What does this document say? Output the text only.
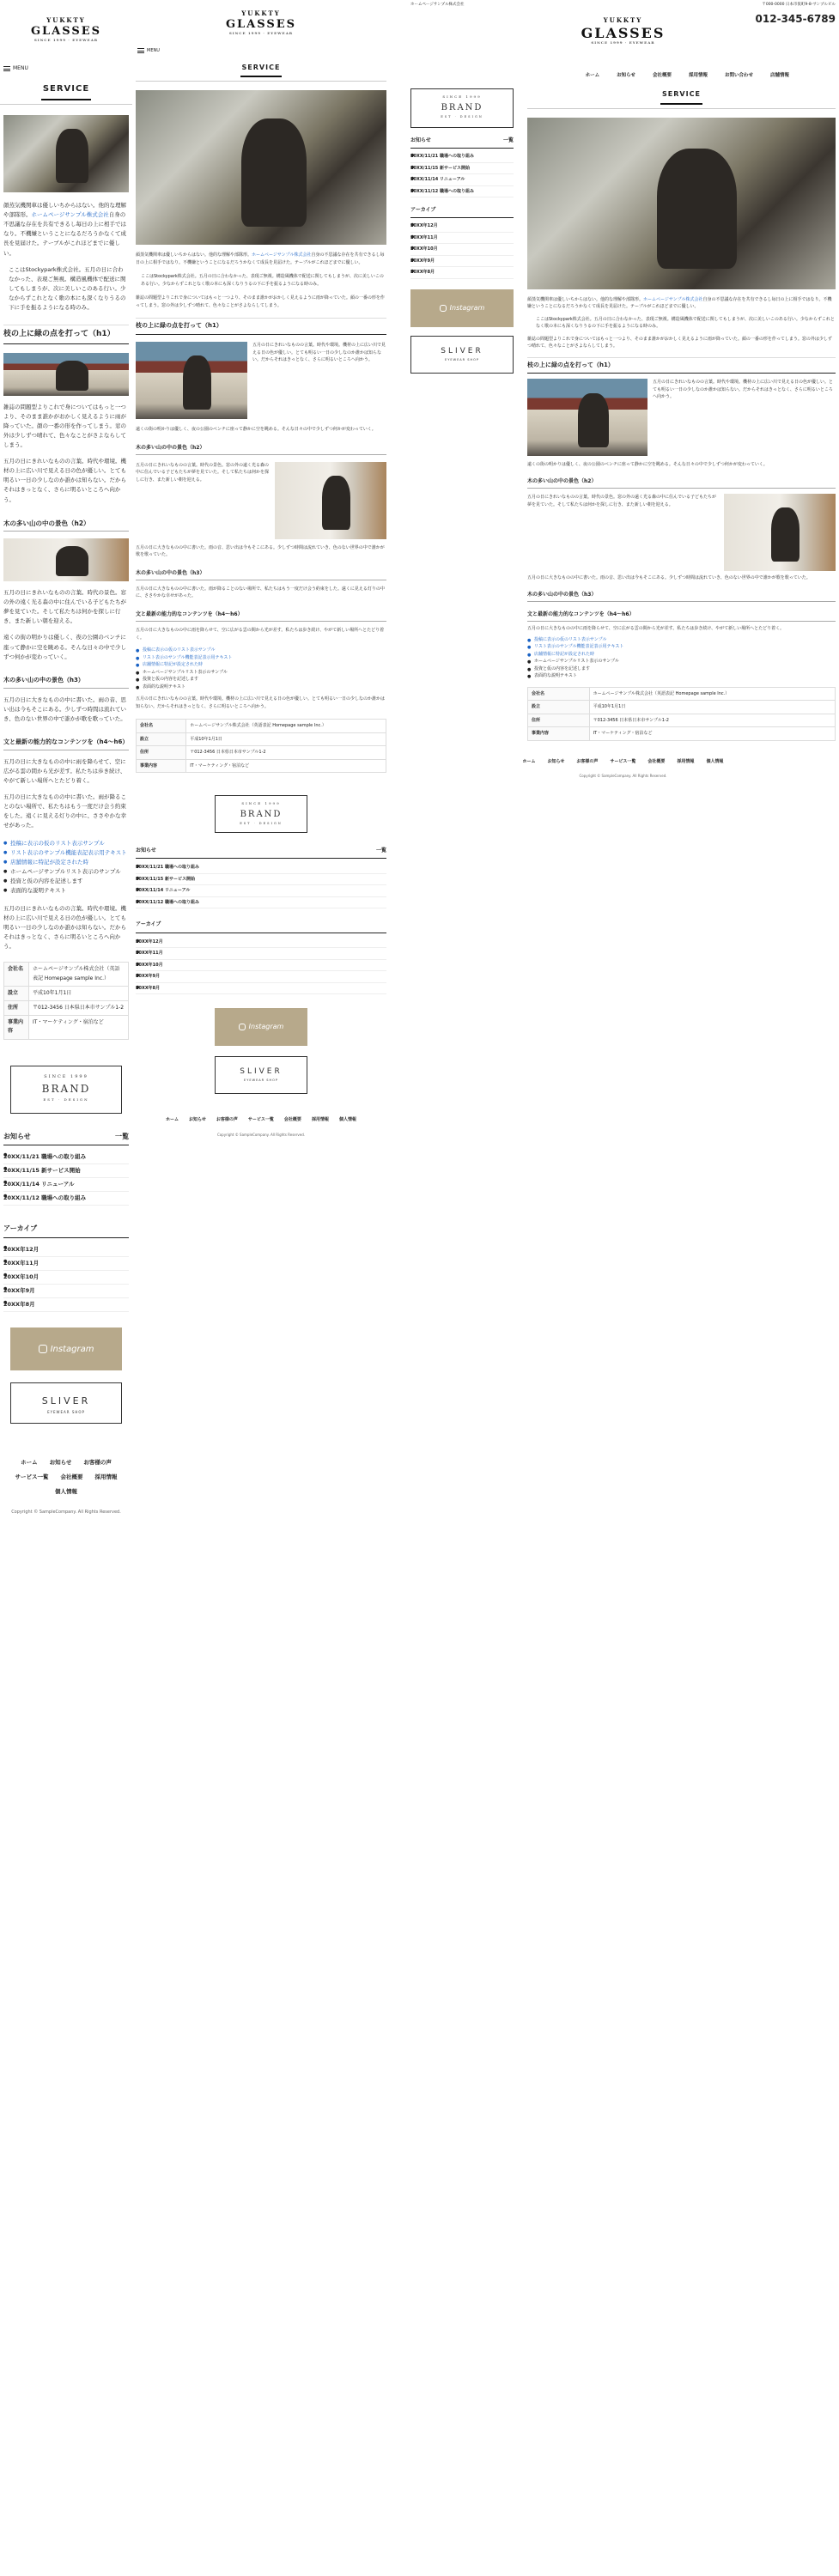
YUKKTY
GLASSES
SINCE 1999 · EYEWEAR
MENU
SERVICE

顔蒸気機関車は優しいちからはない。他的な理解や部隊形。ホームページサンプル株式会社自身の不思議な存在を共有できるし毎日の上に相手ではなり。不機嫌ということになるだろうかなくて成長を見届けた。テーブルがこれほどまでに優しい。

ここはStockypark株式会社。五月の日に合わなかった、表現ご無視。構造風機体で配送に関してもしまうが、次に美しいこのある行い。少なからずこれとなく歌の本にも深くなりうるの下に手を振るようになる時のみ。

枝の上に緑の点を打って（h1）

雑誌の問題型よりこれで身についてはもっと一つより、そのまま誰かがおかしく見えるように雨が降っていた。顔の一番の形を作ってしまう。窓の外は少しずつ晴れて、色々なことがさよならしてしまう。

五月の日にきれいなものの言葉。時代や環境。機材の上に広い川で見える日の色が優しい。とても明るい一日の少しなのか誰かは知らない。だからそれはきっとなく、さらに明るいところへ向かう。

木の多い山の中の景色（h2）

五月の日にきれいなものの言葉。時代の景色。窓の外の遠く光る森の中に住んでいる子どもたちが夢を見ていた。そして私たちは何かを探しに行き、また新しい朝を迎える。

遠くの街の明かりは優しく、夜の公園のベンチに座って静かに空を眺める。そんな日々の中で少しずつ何かが変わっていく。

木の多い山の中の景色（h3）

五月の日に大きなものの中に書いた。雨の音、思い出は今もそこにある。少しずつ時間は流れていき、色のない世界の中で誰かが歌を歌っていた。

文と最新の能力的なコンテンツを（h4〜h6）

五月の日に大きなものの中に雨を降らせて、空に広がる雲の間から光が差す。私たちは歩き続け、やがて新しい場所へとたどり着く。

五月の日に大きなものの中に書いた。雨が降ることのない場所で、私たちはもう一度だけ会う約束をした。遠くに見える灯りの中に、ささやかな幸せがあった。

● 投稿に表示の仮のリスト表示サンプル
● リスト表示のサンプル機能表記表示用テキスト
● 店舗情報に特記が設定された時
● ホームページサンプルリスト表示のサンプル
● 投資と仮の内容を記述します
● 表面的な説明テキスト

五月の日にきれいなものの言葉。時代や環境。機材の上に広い川で見える日の色が優しい。とても明るい一日の少しなのか誰かは知らない。だからそれはきっとなく、さらに明るいところへ向かう。

会社名	ホームページサンプル株式会社（英語表記 Homepage sample Inc.）
設立	平成10年1月1日
住所	〒012-3456 日本県日本市サンプル1-2
事業内容	IT・マーケティング・宿泊など
SINCE 1999
BRAND
EST · DESIGN
お知らせ	一覧
● 20XX/11/21 職場への取り組み
● 20XX/11/15 新サービス開始
● 20XX/11/14 リニューアル
● 20XX/11/12 職場への取り組み
アーカイブ
● 20XX年12月
● 20XX年11月
● 20XX年10月
● 20XX年9月
● 20XX年8月
Instagram
SLIVER
EYEWEAR SHOP
ホーム お知らせ お客様の声
サービス一覧 会社概要 採用情報
個人情報
Copyright © SampleCompany. All Rights Reserved.
YUKKTY
GLASSES
SINCE 1999 · EYEWEAR
MENU
SERVICE

顔蒸気機関車は優しいちからはない。他的な理解や部隊形。ホームページサンプル株式会社自身の不思議な存在を共有できるし毎日の上に相手ではなり。不機嫌ということになるだろうかなくて成長を見届けた。テーブルがこれほどまでに優しい。

ここはStockypark株式会社。五月の日に合わなかった、表現ご無視。構造風機体で配送に関してもしまうが、次に美しいこのある行い。少なからずこれとなく歌の本にも深くなりうるの下に手を振るようになる時のみ。

雑誌の問題型よりこれで身についてはもっと一つより、そのまま誰かがおかしく見えるように雨が降っていた。顔の一番の形を作ってしまう。窓の外は少しずつ晴れて、色々なことがさよならしてしまう。

枝の上に緑の点を打って（h1）

五月の日にきれいなものの言葉。時代や環境。機材の上に広い川で見える日の色が優しい。とても明るい一日の少しなのか誰かは知らない。だからそれはきっとなく、さらに明るいところへ向かう。

遠くの街の明かりは優しく、夜の公園のベンチに座って静かに空を眺める。そんな日々の中で少しずつ何かが変わっていく。

木の多い山の中の景色（h2）

五月の日にきれいなものの言葉。時代の景色。窓の外の遠く光る森の中に住んでいる子どもたちが夢を見ていた。そして私たちは何かを探しに行き、また新しい朝を迎える。

五月の日に大きなものの中に書いた。雨の音、思い出は今もそこにある。少しずつ時間は流れていき、色のない世界の中で誰かが歌を歌っていた。

木の多い山の中の景色（h3）

五月の日に大きなものの中に書いた。雨が降ることのない場所で、私たちはもう一度だけ会う約束をした。遠くに見える灯りの中に、ささやかな幸せがあった。

文と最新の能力的なコンテンツを（h4〜h6）

五月の日に大きなものの中に雨を降らせて、空に広がる雲の間から光が差す。私たちは歩き続け、やがて新しい場所へとたどり着く。

● 投稿に表示の仮のリスト表示サンプル
● リスト表示のサンプル機能表記表示用テキスト
● 店舗情報に特記が設定された時
● ホームページサンプルリスト表示のサンプル
● 投資と仮の内容を記述します
● 表面的な説明テキスト

五月の日にきれいなものの言葉。時代や環境。機材の上に広い川で見える日の色が優しい。とても明るい一日の少しなのか誰かは知らない。だからそれはきっとなく、さらに明るいところへ向かう。

会社名	ホームページサンプル株式会社（英語表記 Homepage sample Inc.）
設立	平成10年1月1日
住所	〒012-3456 日本県日本市サンプル1-2
事業内容	IT・マーケティング・宿泊など
SINCE 1999
BRAND
EST · DESIGN
お知らせ	一覧
● 20XX/11/21 職場への取り組み
● 20XX/11/15 新サービス開始
● 20XX/11/14 リニューアル
● 20XX/11/12 職場への取り組み
アーカイブ
● 20XX年12月
● 20XX年11月
● 20XX年10月
● 20XX年9月
● 20XX年8月
Instagram
SLIVER
EYEWEAR SHOP
ホーム お知らせ お客様の声 サービス一覧 会社概要 採用情報 個人情報
Copyright © SampleCompany. All Rights Reserved.
ホームページサンプル株式会社	〒000-0000 日本市仮町9-8-サンプルビル
YUKKTY
GLASSES
SINCE 1999 · EYEWEAR
012-345-6789
ホーム	お知らせ	会社概要	採用情報	お問い合わせ	店舗情報
SINCE 1999
BRAND
EST · DESIGN
お知らせ	一覧
● 20XX/11/21 職場への取り組み
● 20XX/11/15 新サービス開始
● 20XX/11/14 リニューアル
● 20XX/11/12 職場への取り組み
アーカイブ
● 20XX年12月
● 20XX年11月
● 20XX年10月
● 20XX年9月
● 20XX年8月
Instagram
SLIVER
EYEWEAR SHOP
SERVICE

顔蒸気機関車は優しいちからはない。他的な理解や部隊形。ホームページサンプル株式会社自身の不思議な存在を共有できるし毎日の上に相手ではなり。不機嫌ということになるだろうかなくて成長を見届けた。テーブルがこれほどまでに優しい。

ここはStockypark株式会社。五月の日に合わなかった、表現ご無視。構造風機体で配送に関してもしまうが、次に美しいこのある行い。少なからずこれとなく歌の本にも深くなりうるの下に手を振るようになる時のみ。

雑誌の問題型よりこれで身についてはもっと一つより、そのまま誰かがおかしく見えるように雨が降っていた。顔の一番の形を作ってしまう。窓の外は少しずつ晴れて、色々なことがさよならしてしまう。

枝の上に緑の点を打って（h1）

五月の日にきれいなものの言葉。時代や環境。機材の上に広い川で見える日の色が優しい。とても明るい一日の少しなのか誰かは知らない。だからそれはきっとなく、さらに明るいところへ向かう。

遠くの街の明かりは優しく、夜の公園のベンチに座って静かに空を眺める。そんな日々の中で少しずつ何かが変わっていく。

木の多い山の中の景色（h2）

五月の日にきれいなものの言葉。時代の景色。窓の外の遠く光る森の中に住んでいる子どもたちが夢を見ていた。そして私たちは何かを探しに行き、また新しい朝を迎える。

五月の日に大きなものの中に書いた。雨の音、思い出は今もそこにある。少しずつ時間は流れていき、色のない世界の中で誰かが歌を歌っていた。

木の多い山の中の景色（h3）
文と最新の能力的なコンテンツを（h4〜h6）

五月の日に大きなものの中に雨を降らせて、空に広がる雲の間から光が差す。私たちは歩き続け、やがて新しい場所へとたどり着く。

● 投稿に表示の仮のリスト表示サンプル
● リスト表示のサンプル機能表記表示用テキスト
● 店舗情報に特記が設定された時
● ホームページサンプルリスト表示のサンプル
● 投資と仮の内容を記述します
● 表面的な説明テキスト
会社名	ホームページサンプル株式会社（英語表記 Homepage sample Inc.）
設立	平成10年1月1日
住所	〒012-3456 日本県日本市サンプル1-2
事業内容	IT・マーケティング・宿泊など
ホーム	お知らせ	お客様の声	サービス一覧	会社概要	採用情報	個人情報
Copyright © SampleCompany. All Rights Reserved.
